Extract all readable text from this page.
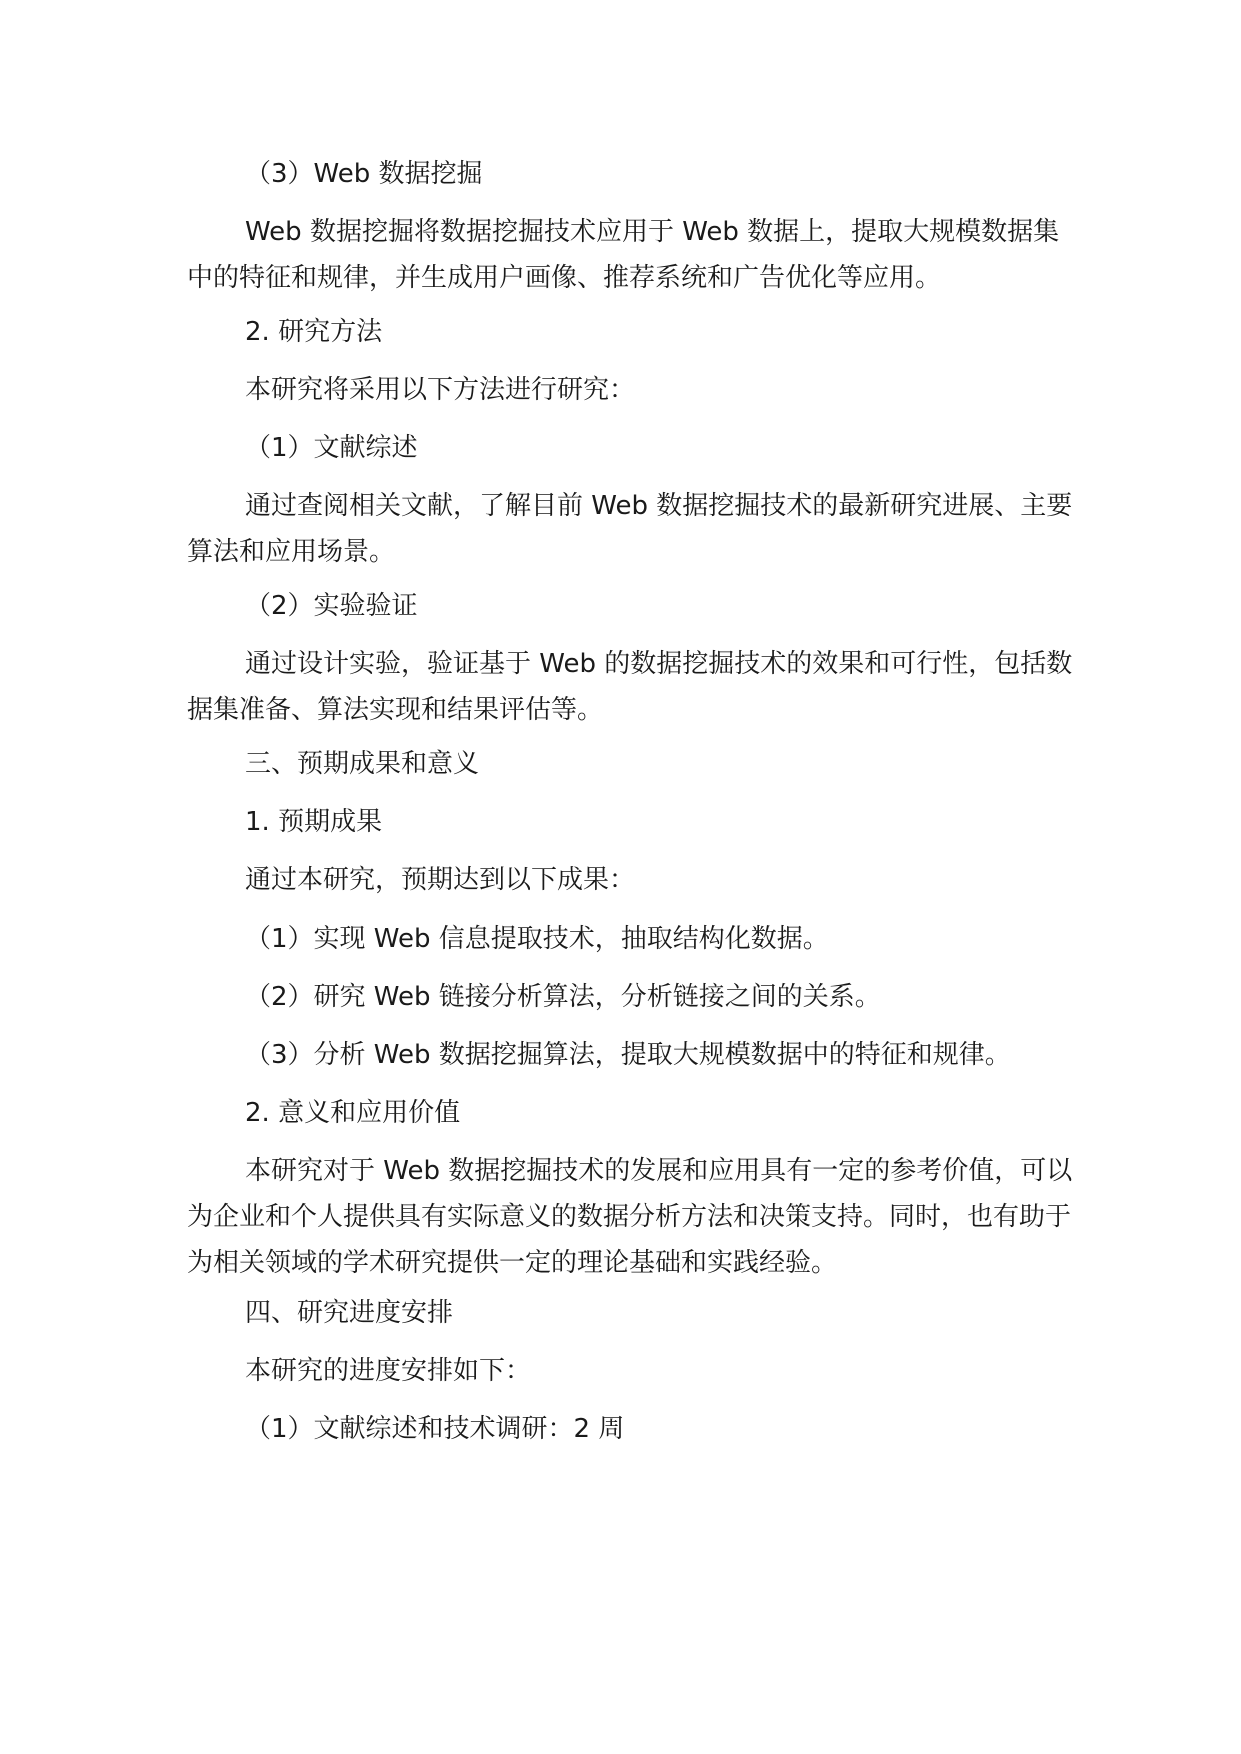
（3）Web 数据挖掘

Web 数据挖掘将数据挖掘技术应用于 Web 数据上，提取大规模数据集中的特征和规律，并生成用户画像、推荐系统和广告优化等应用。

2. 研究方法

本研究将采用以下方法进行研究：

（1）文献综述

通过查阅相关文献，了解目前 Web 数据挖掘技术的最新研究进展、主要算法和应用场景。

（2）实验验证

通过设计实验，验证基于 Web 的数据挖掘技术的效果和可行性，包括数据集准备、算法实现和结果评估等。

三、预期成果和意义

1. 预期成果

通过本研究，预期达到以下成果：

（1）实现 Web 信息提取技术，抽取结构化数据。

（2）研究 Web 链接分析算法，分析链接之间的关系。

（3）分析 Web 数据挖掘算法，提取大规模数据中的特征和规律。

2. 意义和应用价值

本研究对于 Web 数据挖掘技术的发展和应用具有一定的参考价值，可以为企业和个人提供具有实际意义的数据分析方法和决策支持。同时，也有助于为相关领域的学术研究提供一定的理论基础和实践经验。

四、研究进度安排

本研究的进度安排如下：

（1）文献综述和技术调研：2 周
